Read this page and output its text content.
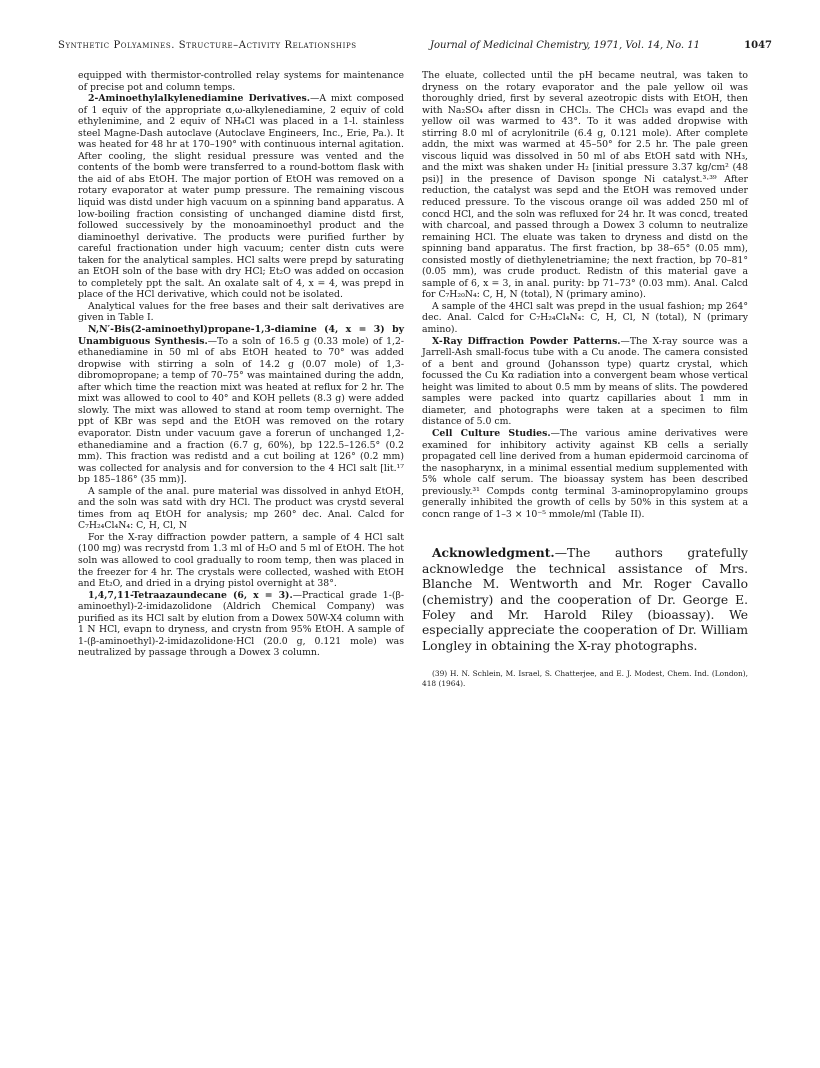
Synthetic Polyamines. Structure–Activity Relationships	Journal of Medicinal Chemistry, 1971, Vol. 14, No. 11	1047

equipped with thermistor-controlled relay systems for maintenance of precise pot and column temps.

2-Aminoethylalkylenediamine Derivatives.—A mixt composed of 1 equiv of the appropriate α,ω-alkylenediamine, 2 equiv of cold ethylenimine, and 2 equiv of NH₄Cl was placed in a 1-l. stainless steel Magne-Dash autoclave (Autoclave Engineers, Inc., Erie, Pa.). It was heated for 48 hr at 170–190° with continuous internal agitation. After cooling, the slight residual pressure was vented and the contents of the bomb were transferred to a round-bottom flask with the aid of abs EtOH. The major portion of EtOH was removed on a rotary evaporator at water pump pressure. The remaining viscous liquid was distd under high vacuum on a spinning band apparatus. A low-boiling fraction consisting of unchanged diamine distd first, followed successively by the monoaminoethyl product and the diaminoethyl derivative. The products were purified further by careful fractionation under high vacuum; center distn cuts were taken for the analytical samples. HCl salts were prepd by saturating an EtOH soln of the base with dry HCl; Et₂O was added on occasion to completely ppt the salt. An oxalate salt of 4, x = 4, was prepd in place of the HCl derivative, which could not be isolated.

Analytical values for the free bases and their salt derivatives are given in Table I.

N,N′-Bis(2-aminoethyl)propane-1,3-diamine (4, x = 3) by Unambiguous Synthesis.—To a soln of 16.5 g (0.33 mole) of 1,2-ethanediamine in 50 ml of abs EtOH heated to 70° was added dropwise with stirring a soln of 14.2 g (0.07 mole) of 1,3-dibromopropane; a temp of 70–75° was maintained during the addn, after which time the reaction mixt was heated at reflux for 2 hr. The mixt was allowed to cool to 40° and KOH pellets (8.3 g) were added slowly. The mixt was allowed to stand at room temp overnight. The ppt of KBr was sepd and the EtOH was removed on the rotary evaporator. Distn under vacuum gave a forerun of unchanged 1,2-ethanediamine and a fraction (6.7 g, 60%), bp 122.5–126.5° (0.2 mm). This fraction was redistd and a cut boiling at 126° (0.2 mm) was collected for analysis and for conversion to the 4 HCl salt [lit.¹⁷ bp 185–186° (35 mm)].

A sample of the anal. pure material was dissolved in anhyd EtOH, and the soln was satd with dry HCl. The product was crystd several times from aq EtOH for analysis; mp 260° dec. Anal. Calcd for C₇H₂₄Cl₄N₄: C, H, Cl, N

For the X-ray diffraction powder pattern, a sample of 4 HCl salt (100 mg) was recrystd from 1.3 ml of H₂O and 5 ml of EtOH. The hot soln was allowed to cool gradually to room temp, then was placed in the freezer for 4 hr. The crystals were collected, washed with EtOH and Et₂O, and dried in a drying pistol overnight at 38°.

1,4,7,11-Tetraazaundecane (6, x = 3).—Practical grade 1-(β-aminoethyl)-2-imidazolidone (Aldrich Chemical Company) was purified as its HCl salt by elution from a Dowex 50W-X4 column with 1 N HCl, evapn to dryness, and crystn from 95% EtOH. A sample of 1-(β-aminoethyl)-2-imidazolidone·HCl (20.0 g, 0.121 mole) was neutralized by passage through a Dowex 3 column.

The eluate, collected until the pH became neutral, was taken to dryness on the rotary evaporator and the pale yellow oil was thoroughly dried, first by several azeotropic dists with EtOH, then with Na₂SO₄ after dissn in CHCl₃. The CHCl₃ was evapd and the yellow oil was warmed to 43°. To it was added dropwise with stirring 8.0 ml of acrylonitrile (6.4 g, 0.121 mole). After complete addn, the mixt was warmed at 45–50° for 2.5 hr. The pale green viscous liquid was dissolved in 50 ml of abs EtOH satd with NH₃, and the mixt was shaken under H₂ [initial pressure 3.37 kg/cm² (48 psi)] in the presence of Davison sponge Ni catalyst.³·³⁹ After reduction, the catalyst was sepd and the EtOH was removed under reduced pressure. To the viscous orange oil was added 250 ml of concd HCl, and the soln was refluxed for 24 hr. It was concd, treated with charcoal, and passed through a Dowex 3 column to neutralize remaining HCl. The eluate was taken to dryness and distd on the spinning band apparatus. The first fraction, bp 38–65° (0.05 mm), consisted mostly of diethylenetriamine; the next fraction, bp 70–81° (0.05 mm), was crude product. Redistn of this material gave a sample of 6, x = 3, in anal. purity: bp 71–73° (0.03 mm). Anal. Calcd for C₇H₂₀N₄: C, H, N (total), N (primary amino).

A sample of the 4HCl salt was prepd in the usual fashion; mp 264° dec. Anal. Calcd for C₇H₂₄Cl₄N₄: C, H, Cl, N (total), N (primary amino).

X-Ray Diffraction Powder Patterns.—The X-ray source was a Jarrell-Ash small-focus tube with a Cu anode. The camera consisted of a bent and ground (Johansson type) quartz crystal, which focussed the Cu Kα radiation into a convergent beam whose vertical height was limited to about 0.5 mm by means of slits. The powdered samples were packed into quartz capillaries about 1 mm in diameter, and photographs were taken at a specimen to film distance of 5.0 cm.

Cell Culture Studies.—The various amine derivatives were examined for inhibitory activity against KB cells a serially propagated cell line derived from a human epidermoid carcinoma of the nasopharynx, in a minimal essential medium supplemented with 5% whole calf serum. The bioassay system has been described previously.³¹ Compds contg terminal 3-aminopropylamino groups generally inhibited the growth of cells by 50% in this system at a concn range of 1–3 × 10⁻⁵ mmole/ml (Table II).

Acknowledgment.—The authors gratefully acknowledge the technical assistance of Mrs. Blanche M. Wentworth and Mr. Roger Cavallo (chemistry) and the cooperation of Dr. George E. Foley and Mr. Harold Riley (bioassay). We especially appreciate the cooperation of Dr. William Longley in obtaining the X-ray photographs.

(39) H. N. Schlein, M. Israel, S. Chatterjee, and E. J. Modest, Chem. Ind. (London), 418 (1964).
